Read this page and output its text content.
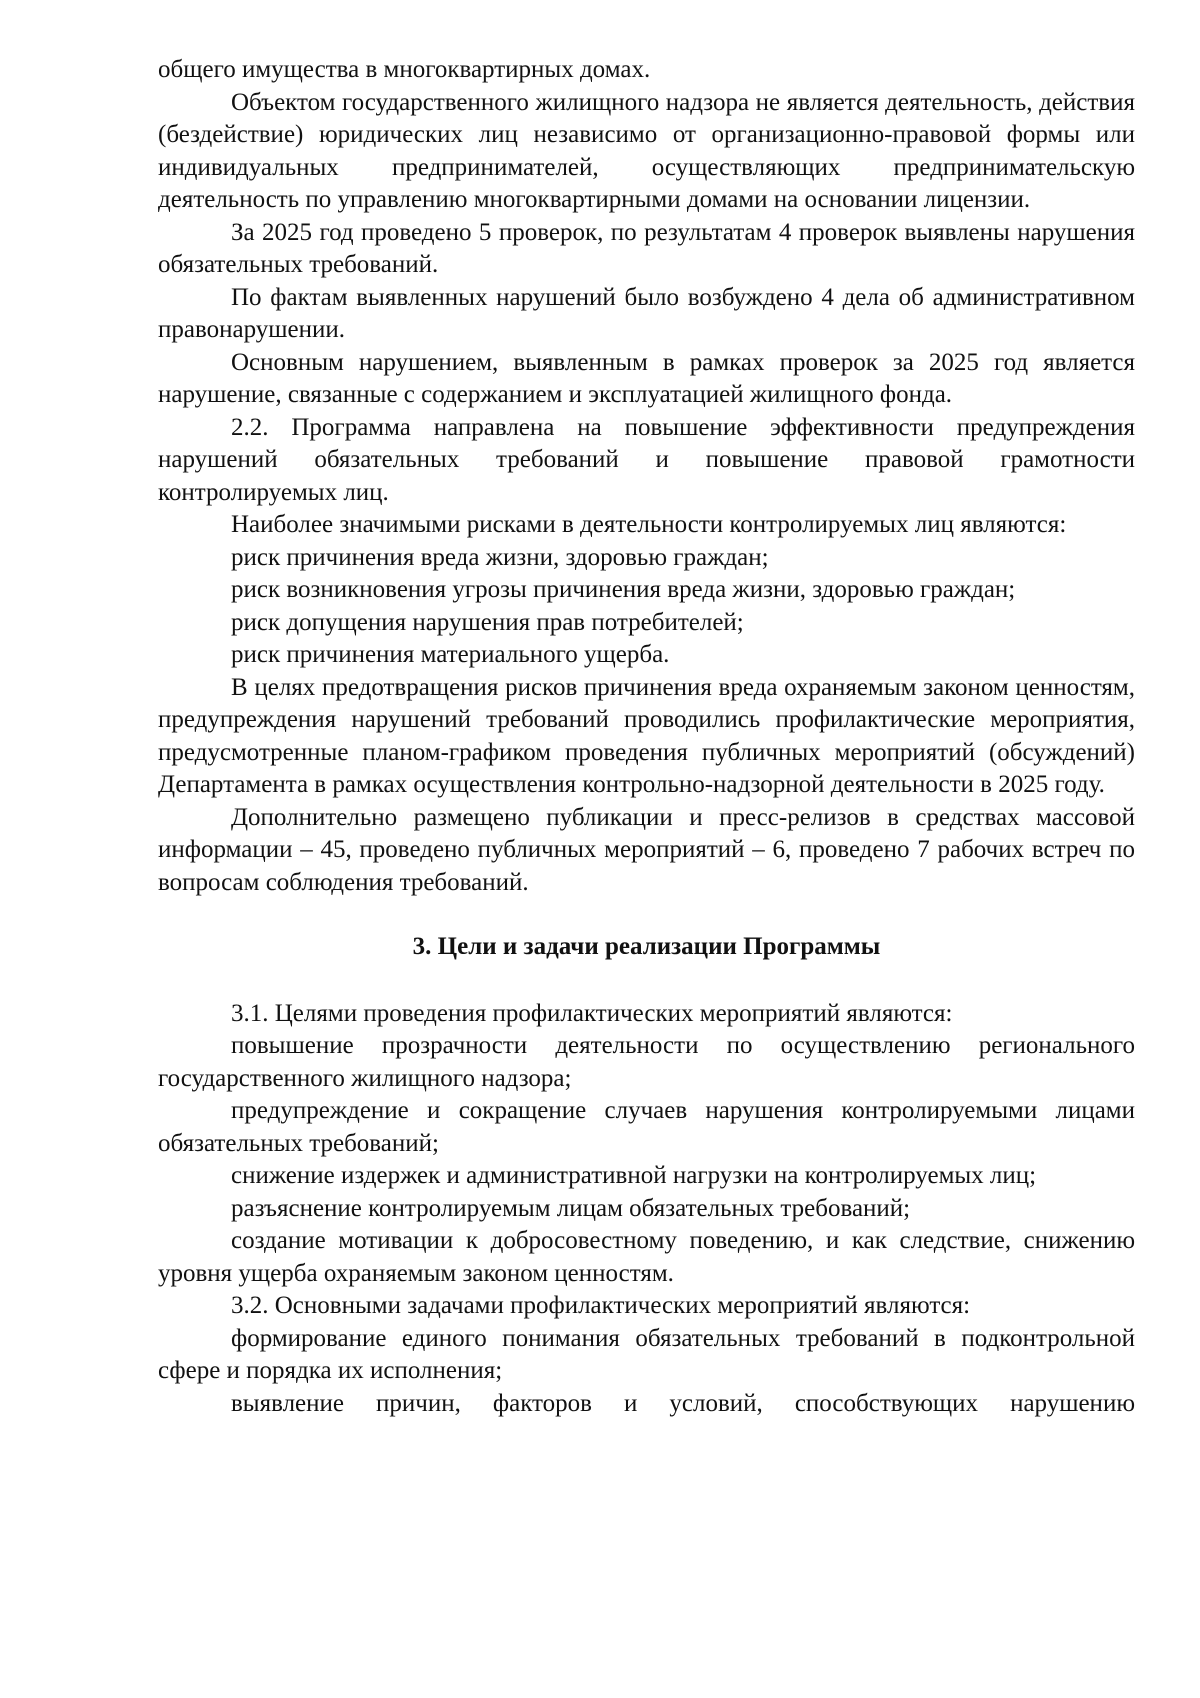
общего имущества в многоквартирных домах.

Объектом государственного жилищного надзора не является деятельность, действия (бездействие) юридических лиц независимо от организационно-правовой формы или индивидуальных предпринимателей, осуществляющих предпринимательскую деятельность по управлению многоквартирными домами на основании лицензии.

За 2025 год проведено 5 проверок, по результатам 4 проверок выявлены нарушения обязательных требований.

По фактам выявленных нарушений было возбуждено 4 дела об административном правонарушении.

Основным нарушением, выявленным в рамках проверок за 2025 год является нарушение, связанные с содержанием и эксплуатацией жилищного фонда.

2.2. Программа направлена на повышение эффективности предупреждения нарушений обязательных требований и повышение правовой грамотности контролируемых лиц.

Наиболее значимыми рисками в деятельности контролируемых лиц являются:

риск причинения вреда жизни, здоровью граждан;

риск возникновения угрозы причинения вреда жизни, здоровью граждан;

риск допущения нарушения прав потребителей;

риск причинения материального ущерба.

В целях предотвращения рисков причинения вреда охраняемым законом ценностям, предупреждения нарушений требований проводились профилактические мероприятия, предусмотренные планом-графиком проведения публичных мероприятий (обсуждений) Департамента в рамках осуществления контрольно-надзорной деятельности в 2025 году.

Дополнительно размещено публикации и пресс-релизов в средствах массовой информации – 45, проведено публичных мероприятий – 6, проведено 7 рабочих встреч по вопросам соблюдения требований.

3. Цели и задачи реализации Программы

3.1. Целями проведения профилактических мероприятий являются:

повышение прозрачности деятельности по осуществлению регионального государственного жилищного надзора;

предупреждение и сокращение случаев нарушения контролируемыми лицами обязательных требований;

снижение издержек и административной нагрузки на контролируемых лиц;

разъяснение контролируемым лицам обязательных требований;

создание мотивации к добросовестному поведению, и как следствие, снижению уровня ущерба охраняемым законом ценностям.

3.2. Основными задачами профилактических мероприятий являются:

формирование единого понимания обязательных требований в подконтрольной сфере и порядка их исполнения;

выявление причин, факторов и условий, способствующих нарушению
